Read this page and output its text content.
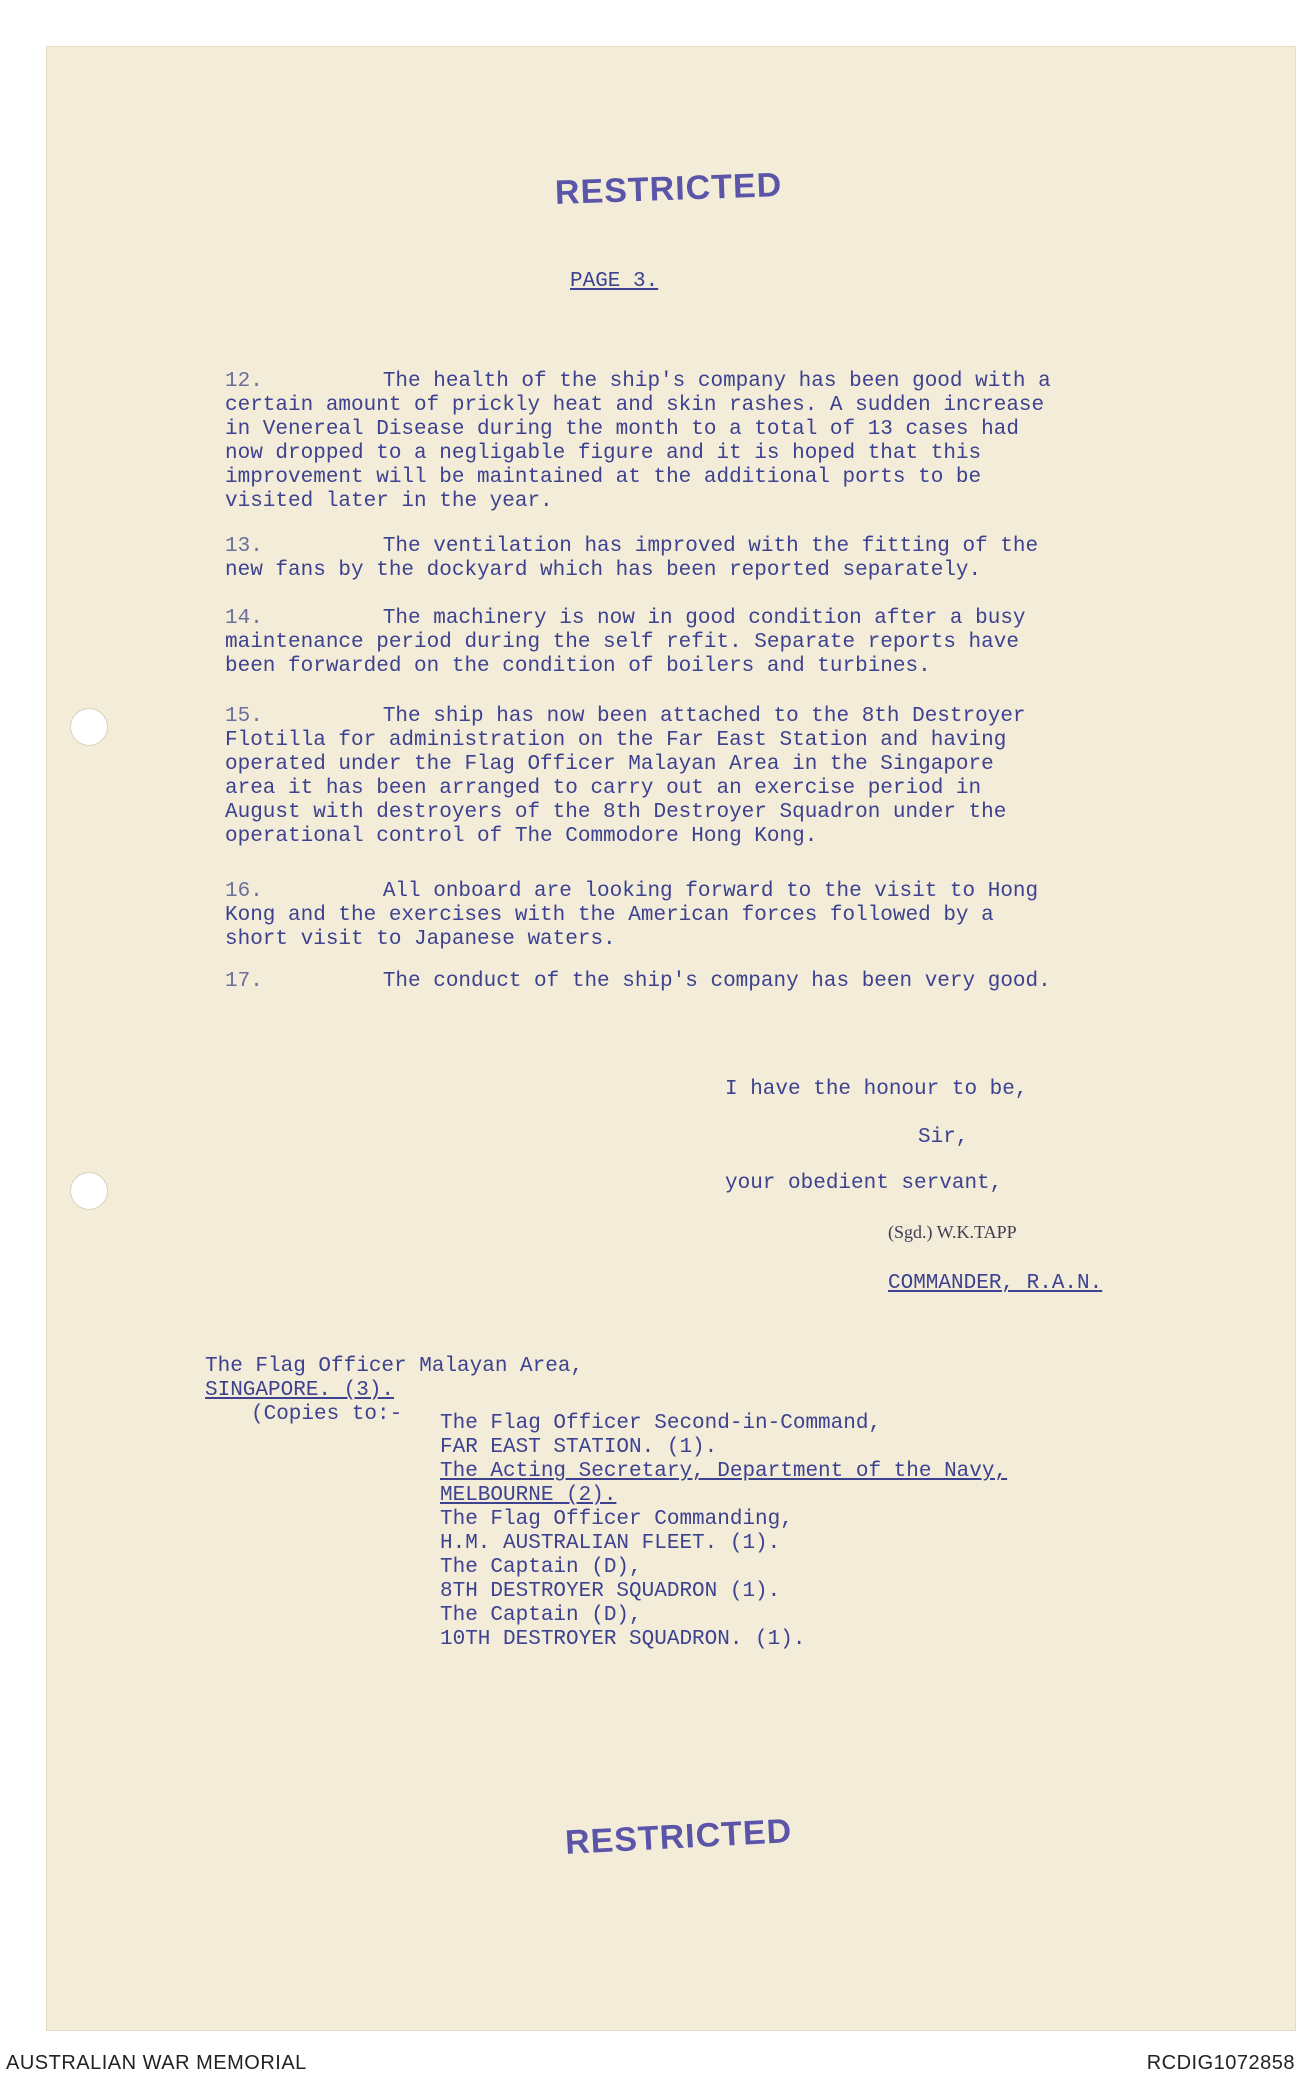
RESTRICTED
PAGE 3.
12.	The health of the ship's company has been good with a
certain amount of prickly heat and skin rashes. A sudden increase
in Venereal Disease during the month to a total of 13 cases had
now dropped to a negligable figure and it is hoped that this
improvement will be maintained at the additional ports to be
visited later in the year.
13.	The ventilation has improved with the fitting of the
new fans by the dockyard which has been reported separately.
14.	The machinery is now in good condition after a busy
maintenance period during the self refit. Separate reports have
been forwarded on the condition of boilers and turbines.
15.	The ship has now been attached to the 8th Destroyer
Flotilla for administration on the Far East Station and having
operated under the Flag Officer Malayan Area in the Singapore
area it has been arranged to carry out an exercise period in
August with destroyers of the 8th Destroyer Squadron under the
operational control of The Commodore Hong Kong.
16.	All onboard are looking forward to the visit to Hong
Kong and the exercises with the American forces followed by a
short visit to Japanese waters.
17.	The conduct of the ship's company has been very good.
I have the honour to be,
Sir,
your obedient servant,
(Sgd.) W.K.TAPP
COMMANDER, R.A.N.
The Flag Officer Malayan Area,
SINGAPORE. (3).
(Copies to:-	The Flag Officer Second-in-Command,
FAR EAST STATION. (1).
The Acting Secretary, Department of the Navy,
MELBOURNE (2).
The Flag Officer Commanding,
H.M. AUSTRALIAN FLEET. (1).
The Captain (D),
8TH DESTROYER SQUADRON (1).
The Captain (D),
10TH DESTROYER SQUADRON. (1).
RESTRICTED
AUSTRALIAN WAR MEMORIAL	RCDIG1072858
